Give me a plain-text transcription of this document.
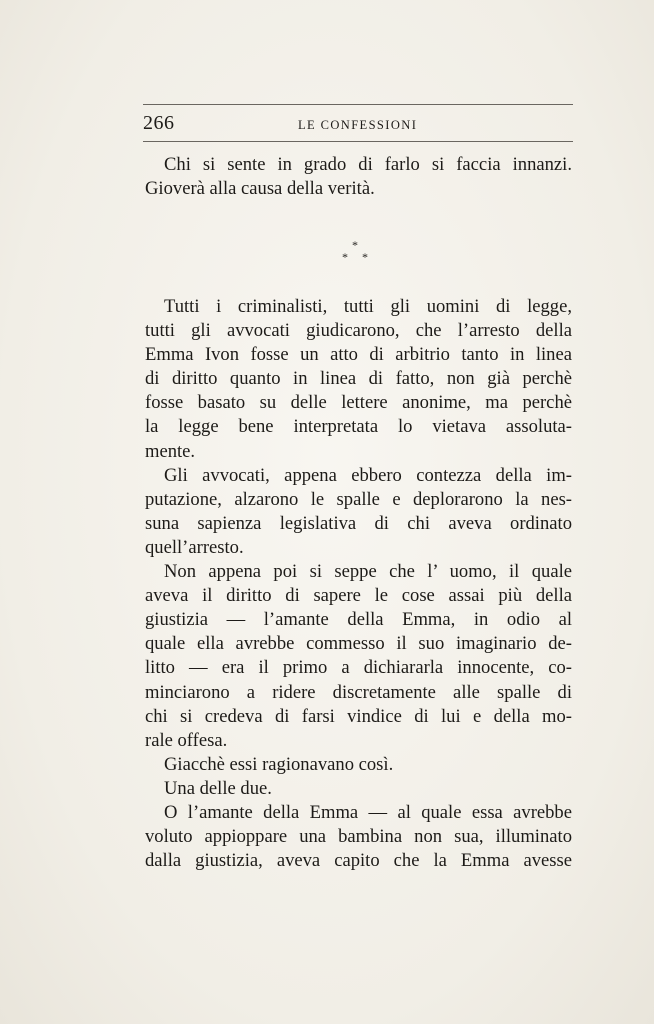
266	LE CONFESSIONI
Chi si sente in grado di farlo si faccia innanzi.
Gioverà alla causa della verità.
*
* *
Tutti i criminalisti, tutti gli uomini di legge,
tutti gli avvocati giudicarono, che l’arresto della
Emma Ivon fosse un atto di arbitrio tanto in linea
di diritto quanto in linea di fatto, non già perchè
fosse basato su delle lettere anonime, ma perchè
la legge bene interpretata lo vietava assoluta-
mente.
Gli avvocati, appena ebbero contezza della im-
putazione, alzarono le spalle e deplorarono la nes-
suna sapienza legislativa di chi aveva ordinato
quell’arresto.
Non appena poi si seppe che l’ uomo, il quale
aveva il diritto di sapere le cose assai più della
giustizia — l’amante della Emma, in odio al
quale ella avrebbe commesso il suo imaginario de-
litto — era il primo a dichiararla innocente, co-
minciarono a ridere discretamente alle spalle di
chi si credeva di farsi vindice di lui e della mo-
rale offesa.
Giacchè essi ragionavano così.
Una delle due.
O l’amante della Emma — al quale essa avrebbe
voluto appioppare una bambina non sua, illuminato
dalla giustizia, aveva capito che la Emma avesse
